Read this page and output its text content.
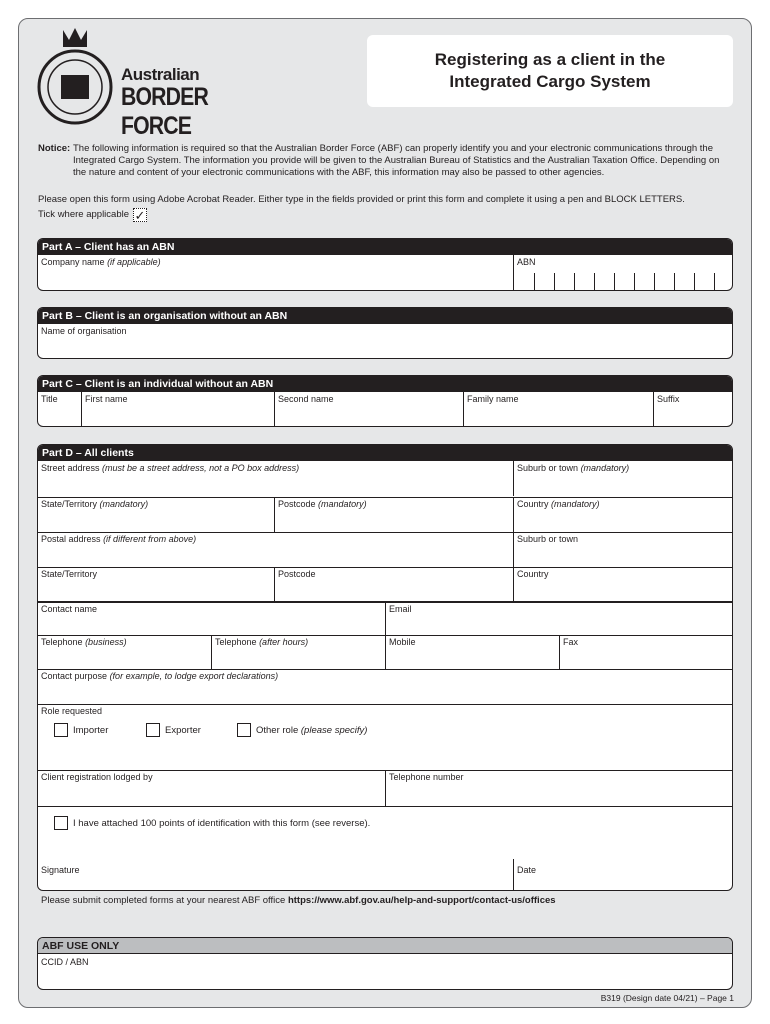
Australian
BORDER FORCE
Registering as a client in the
Integrated Cargo System
Notice: The following information is required so that the Australian Border Force (ABF) can properly identify you and your electronic communications through the Integrated Cargo System. The information you provide will be given to the Australian Bureau of Statistics and the Australian Taxation Office. Depending on the nature and content of your electronic communications with the ABF, this information may also be passed to other agencies.
Please open this form using Adobe Acrobat Reader. Either type in the fields provided or print this form and complete it using a pen and BLOCK LETTERS.
Tick where applicable ✓
Part A – Client has an ABN
Company name (if applicable)	ABN
Part B – Client is an organisation without an ABN
Name of organisation
Part C – Client is an individual without an ABN
Title	First name	Second name	Family name	Suffix
Part D – All clients
Street address (must be a street address, not a PO box address)	Suburb or town (mandatory)
State/Territory (mandatory)	Postcode (mandatory)	Country (mandatory)
Postal address (if different from above)	Suburb or town
State/Territory	Postcode	Country
Contact name	Email
Telephone (business)	Telephone (after hours)	Mobile	Fax
Contact purpose (for example, to lodge export declarations)
Role requested
Importer	Exporter	Other role
(please specify)
Client registration lodged by	Telephone number
I have attached 100 points of identification with this form (see reverse).
Signature	Date
Please submit completed forms at your nearest ABF office https://www.abf.gov.au/help-and-support/contact-us/offices
ABF USE ONLY
CCID / ABN
B319 (Design date 04/21) – Page 1
